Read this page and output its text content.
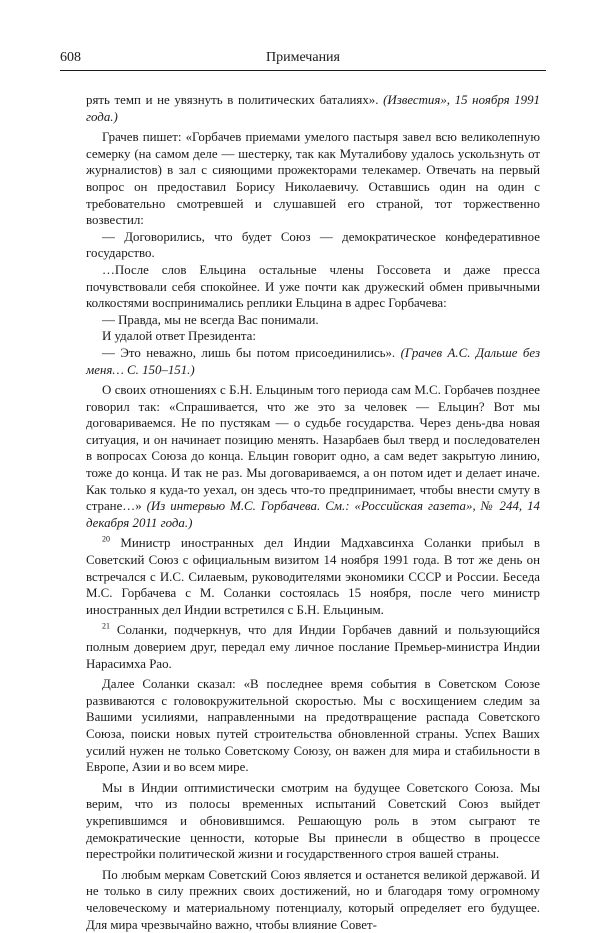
608	Примечания

рять темп и не увязнуть в политических баталиях». (Известия», 15 ноября 1991 года.)

Грачев пишет: «Горбачев приемами умелого пастыря завел всю великолепную семерку (на самом деле — шестерку, так как Муталибову удалось ускользнуть от журналистов) в зал с сияющими прожекторами телекамер. Отвечать на первый вопрос он предоставил Борису Николаевичу. Оставшись один на один с требовательно смотревшей и слушавшей его страной, тот торжественно возвестил:

— Договорились, что будет Союз — демократическое конфедеративное государство.

…После слов Ельцина остальные члены Госсовета и даже пресса почувствовали себя спокойнее. И уже почти как дружеский обмен привычными колкостями воспринимались реплики Ельцина в адрес Горбачева:

— Правда, мы не всегда Вас понимали.

И удалой ответ Президента:

— Это неважно, лишь бы потом присоединились». (Грачев А.С. Дальше без меня… С. 150–151.)

О своих отношениях с Б.Н. Ельциным того периода сам М.С. Горбачев позднее говорил так: «Спрашивается, что же это за человек — Ельцин? Вот мы договариваемся. Не по пустякам — о судьбе государства. Через день-два новая ситуация, и он начинает позицию менять. Назарбаев был тверд и последователен в вопросах Союза до конца. Ельцин говорит одно, а сам ведет закрытую линию, тоже до конца. И так не раз. Мы договариваемся, а он потом идет и делает иначе. Как только я куда-то уехал, он здесь что-то предпринимает, чтобы внести смуту в стране…» (Из интервью М.С. Горбачева. См.: «Российская газета», № 244, 14 декабря 2011 года.)

$^{20}$ Министр иностранных дел Индии Мадхавсинха Соланки прибыл в Советский Союз с официальным визитом 14 ноября 1991 года. В тот же день он встречался с И.С. Силаевым, руководителями экономики СССР и России. Беседа М.С. Горбачева с М. Соланки состоялась 15 ноября, после чего министр иностранных дел Индии встретился с Б.Н. Ельциным.

$^{21}$ Соланки, подчеркнув, что для Индии Горбачев давний и пользующийся полным доверием друг, передал ему личное послание Премьер-министра Индии Нарасимха Рао.

Далее Соланки сказал: «В последнее время события в Советском Союзе развиваются с головокружительной скоростью. Мы с восхищением следим за Вашими усилиями, направленными на предотвращение распада Советского Союза, поиски новых путей строительства обновленной страны. Успех Ваших усилий нужен не только Советскому Союзу, он важен для мира и стабильности в Европе, Азии и во всем мире.

Мы в Индии оптимистически смотрим на будущее Советского Союза. Мы верим, что из полосы временных испытаний Советский Союз выйдет укрепившимся и обновившимся. Решающую роль в этом сыграют те демократические ценности, которые Вы принесли в общество в процессе перестройки политической жизни и государственного строя вашей страны.

По любым меркам Советский Союз является и останется великой державой. И не только в силу прежних своих достижений, но и благодаря тому огромному человеческому и материальному потенциалу, который определяет его будущее. Для мира чрезвычайно важно, чтобы влияние Совет-
